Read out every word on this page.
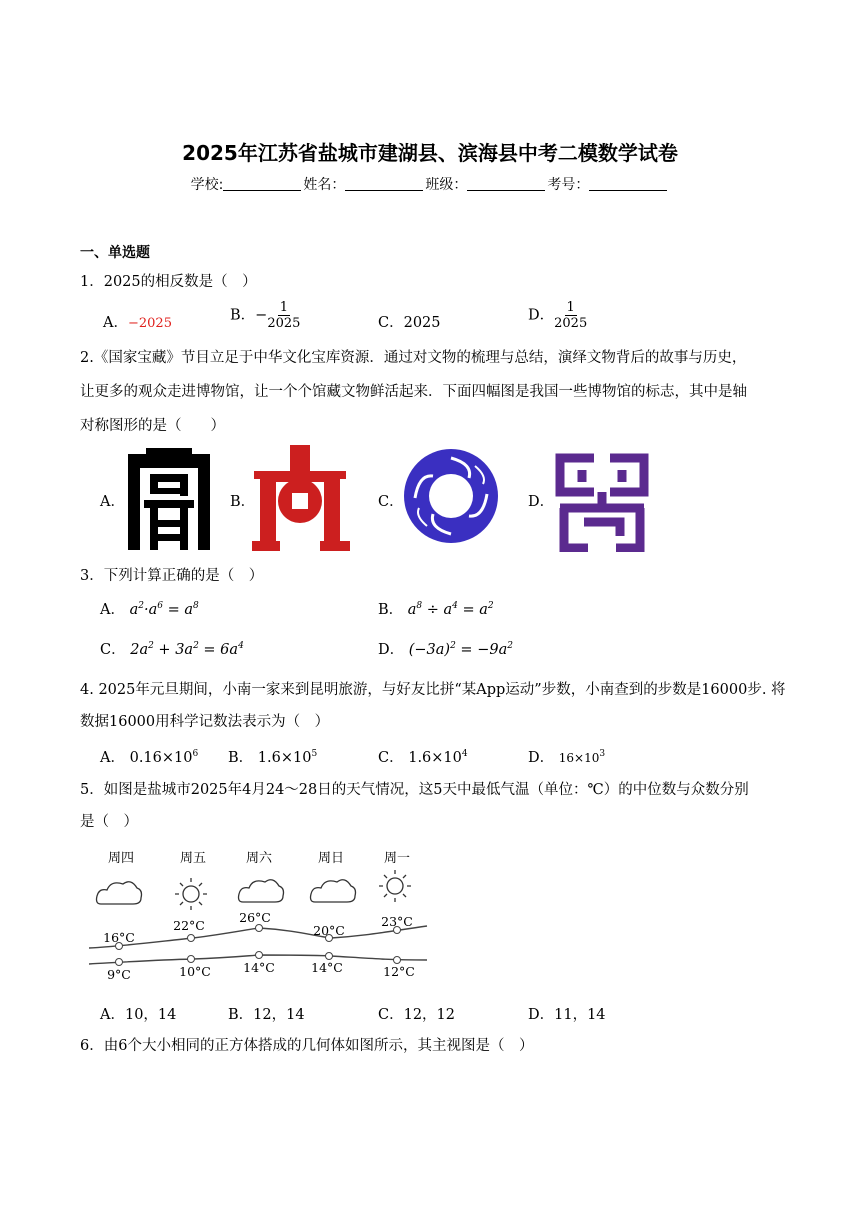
2025年江苏省盐城市建湖县、滨海县中考二模数学试卷
学校:	姓名：	班级：	考号：
一、单选题
1．2025的相反数是（　）
A．−2025	B．− $\frac{1}{2025}$	C．2025	D． $\frac{1}{2025}$
2.《国家宝藏》节目立足于中华文化宝库资源．通过对文物的梳理与总结，演绎文物背后的故事与历史，
让更多的观众走进博物馆，让一个个馆藏文物鲜活起来．下面四幅图是我国一些博物馆的标志，其中是轴
对称图形的是（　　）
A．	B．	C．	D．
3．下列计算正确的是（　）
A． $a^2\cdot a^6 = a^8$	B． $a^8 \div a^4 = a^2$
C． $2a^2 + 3a^2 = 6a^4$	D． $(-3a)^2 = -9a^2$
4. 2025年元旦期间，小南一家来到昆明旅游，与好友比拼“某App运动”步数，小南查到的步数是16000步. 将
数据16000用科学记数法表示为（　）
A． $0.16\times 10^6$ B． $1.6\times 10^5$	C． $1.6\times 10^4$	D． $16\times 10^3$
5．如图是盐城市2025年4月24～28日的天气情况，这5天中最低气温（单位：℃）的中位数与众数分别
是（　）
周四	周五	周六	周日	周一
16°C
22°C
26°C
20°C
23°C
9°C	10°C	14°C	14°C	12°C
A．10，14	B．12，14	C．12，12	D．11，14
6．由6个大小相同的正方体搭成的几何体如图所示，其主视图是（　）
